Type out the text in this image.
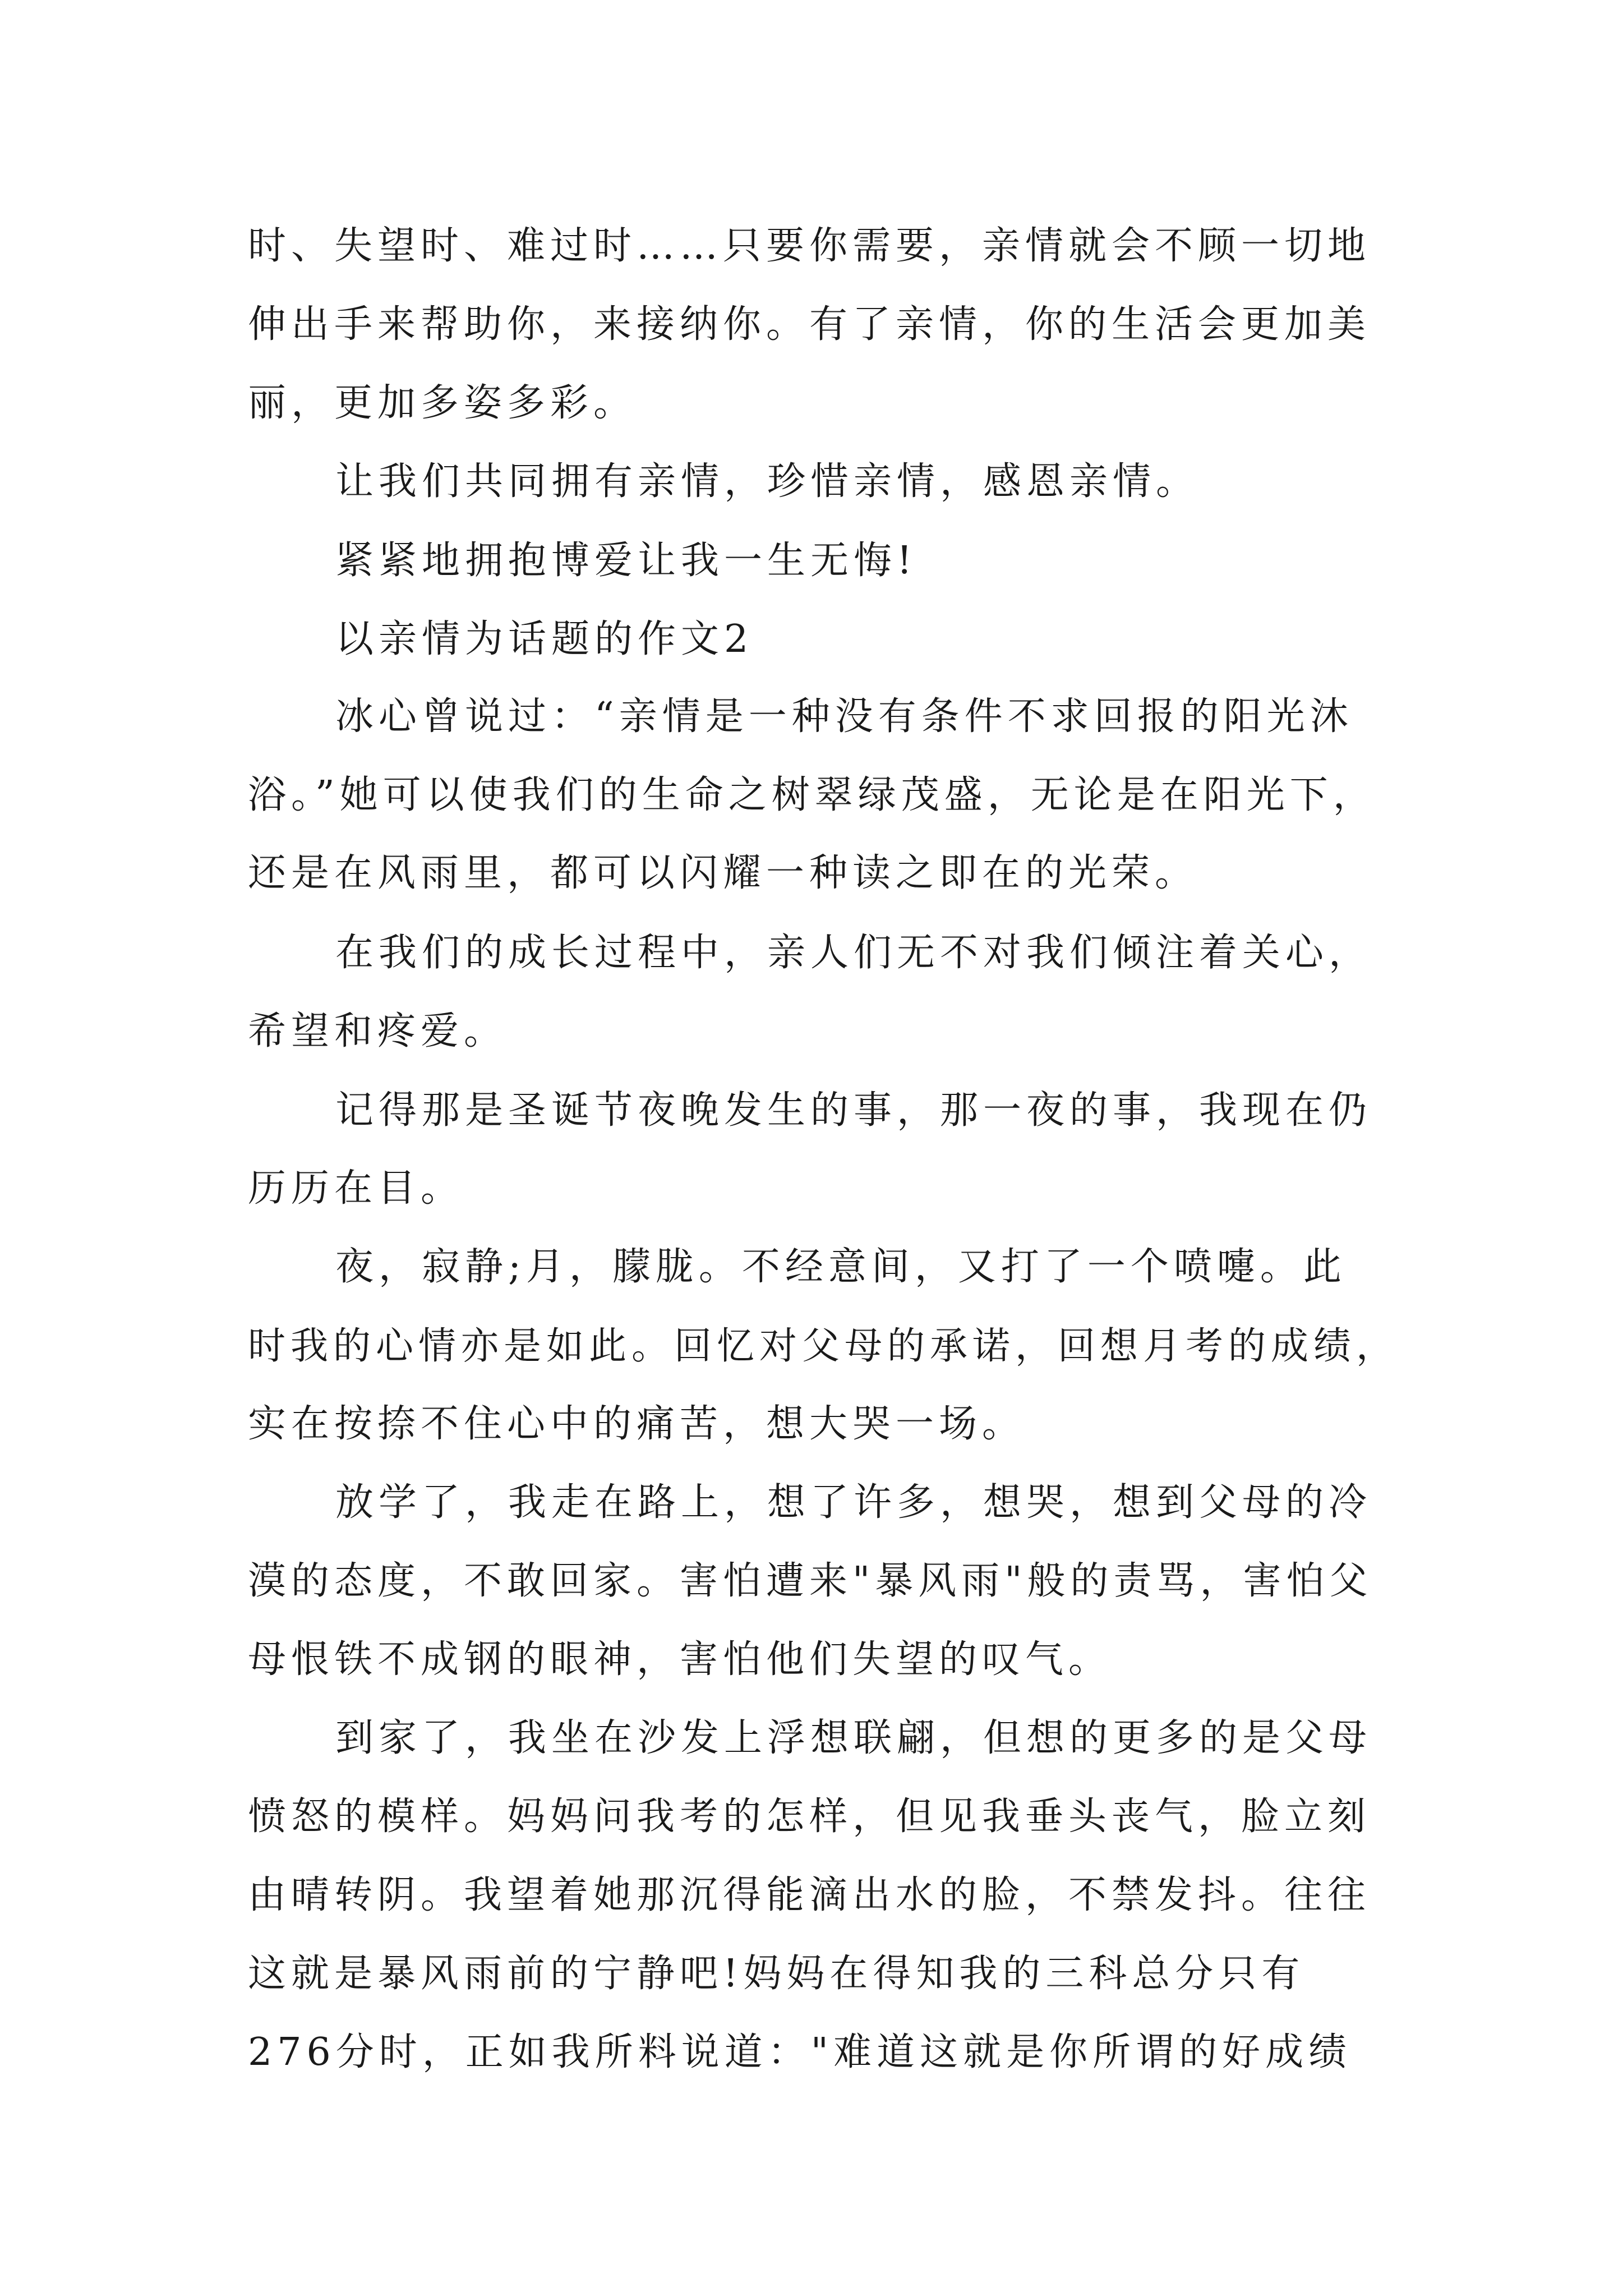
时、失望时、难过时……只要你需要，亲情就会不顾一切地
伸出手来帮助你，来接纳你。有了亲情，你的生活会更加美
丽，更加多姿多彩。
让我们共同拥有亲情，珍惜亲情，感恩亲情。
紧紧地拥抱博爱让我一生无悔!
以亲情为话题的作文2
冰心曾说过：“亲情是一种没有条件不求回报的阳光沐
浴。”她可以使我们的生命之树翠绿茂盛，无论是在阳光下，
还是在风雨里，都可以闪耀一种读之即在的光荣。
在我们的成长过程中，亲人们无不对我们倾注着关心，
希望和疼爱。
记得那是圣诞节夜晚发生的事，那一夜的事，我现在仍
历历在目。
夜，寂静;月，朦胧。不经意间，又打了一个喷嚏。此
时我的心情亦是如此。回忆对父母的承诺，回想月考的成绩，
实在按捺不住心中的痛苦，想大哭一场。
放学了，我走在路上，想了许多，想哭，想到父母的冷
漠的态度，不敢回家。害怕遭来"暴风雨"般的责骂，害怕父
母恨铁不成钢的眼神，害怕他们失望的叹气。
到家了，我坐在沙发上浮想联翩，但想的更多的是父母
愤怒的模样。妈妈问我考的怎样，但见我垂头丧气，脸立刻
由晴转阴。我望着她那沉得能滴出水的脸，不禁发抖。往往
这就是暴风雨前的宁静吧!妈妈在得知我的三科总分只有
276分时，正如我所料说道："难道这就是你所谓的好成绩
